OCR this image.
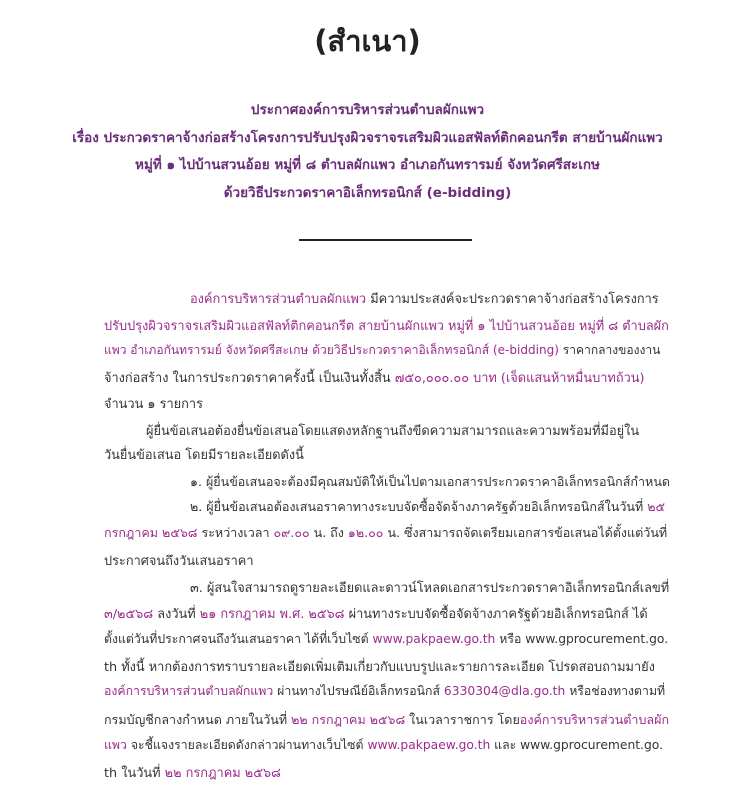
(สำเนา)
ประกาศองค์การบริหารส่วนตำบลผักแพว
เรื่อง ประกวดราคาจ้างก่อสร้างโครงการปรับปรุงผิวจราจรเสริมผิวแอสฟัลท์ติกคอนกรีต สายบ้านผักแพว
หมู่ที่ ๑ ไปบ้านสวนอ้อย หมู่ที่ ๘ ตำบลผักแพว อำเภอกันทรารมย์ จังหวัดศรีสะเกษ
ด้วยวิธีประกวดราคาอิเล็กทรอนิกส์ (e-bidding)
องค์การบริหารส่วนตำบลผักแพว มีความประสงค์จะประกวดราคาจ้างก่อสร้างโครงการ
ปรับปรุงผิวจราจรเสริมผิวแอสฟัลท์ติกคอนกรีต สายบ้านผักแพว หมู่ที่ ๑ ไปบ้านสวนอ้อย หมู่ที่ ๘ ตำบลผัก
แพว อำเภอกันทรารมย์ จังหวัดศรีสะเกษ ด้วยวิธีประกวดราคาอิเล็กทรอนิกส์ (e-bidding) ราคากลางของงาน
จ้างก่อสร้าง ในการประกวดราคาครั้งนี้ เป็นเงินทั้งสิ้น ๗๕๐,๐๐๐.๐๐ บาท (เจ็ดแสนห้าหมื่นบาทถ้วน)
จำนวน ๑ รายการ
ผู้ยื่นข้อเสนอต้องยื่นข้อเสนอโดยแสดงหลักฐานถึงขีดความสามารถและความพร้อมที่มีอยู่ใน
วันยื่นข้อเสนอ โดยมีรายละเอียดดังนี้
๑. ผู้ยื่นข้อเสนอจะต้องมีคุณสมบัติให้เป็นไปตามเอกสารประกวดราคาอิเล็กทรอนิกส์กำหนด
๒. ผู้ยื่นข้อเสนอต้องเสนอราคาทางระบบจัดซื้อจัดจ้างภาครัฐด้วยอิเล็กทรอนิกส์ในวันที่ ๒๕
กรกฎาคม ๒๕๖๘ ระหว่างเวลา ๐๙.๐๐ น. ถึง ๑๒.๐๐ น. ซึ่งสามารถจัดเตรียมเอกสารข้อเสนอได้ตั้งแต่วันที่
ประกาศจนถึงวันเสนอราคา
๓. ผู้สนใจสามารถดูรายละเอียดและดาวน์โหลดเอกสารประกวดราคาอิเล็กทรอนิกส์เลขที่
๓/๒๕๖๘ ลงวันที่ ๒๑ กรกฎาคม พ.ศ. ๒๕๖๘ ผ่านทางระบบจัดซื้อจัดจ้างภาครัฐด้วยอิเล็กทรอนิกส์ ได้
ตั้งแต่วันที่ประกาศจนถึงวันเสนอราคา ได้ที่เว็บไซต์ www.pakpaew.go.th หรือ www.gprocurement.go.
th ทั้งนี้ หากต้องการทราบรายละเอียดเพิ่มเติมเกี่ยวกับแบบรูปและรายการละเอียด โปรดสอบถามมายัง
องค์การบริหารส่วนตำบลผักแพว ผ่านทางไปรษณีย์อิเล็กทรอนิกส์ 6330304@dla.go.th หรือช่องทางตามที่
กรมบัญชีกลางกำหนด ภายในวันที่ ๒๒ กรกฎาคม ๒๕๖๘ ในเวลาราชการ โดยองค์การบริหารส่วนตำบลผัก
แพว จะชี้แจงรายละเอียดดังกล่าวผ่านทางเว็บไซต์ www.pakpaew.go.th และ www.gprocurement.go.
th ในวันที่ ๒๒ กรกฎาคม ๒๕๖๘
